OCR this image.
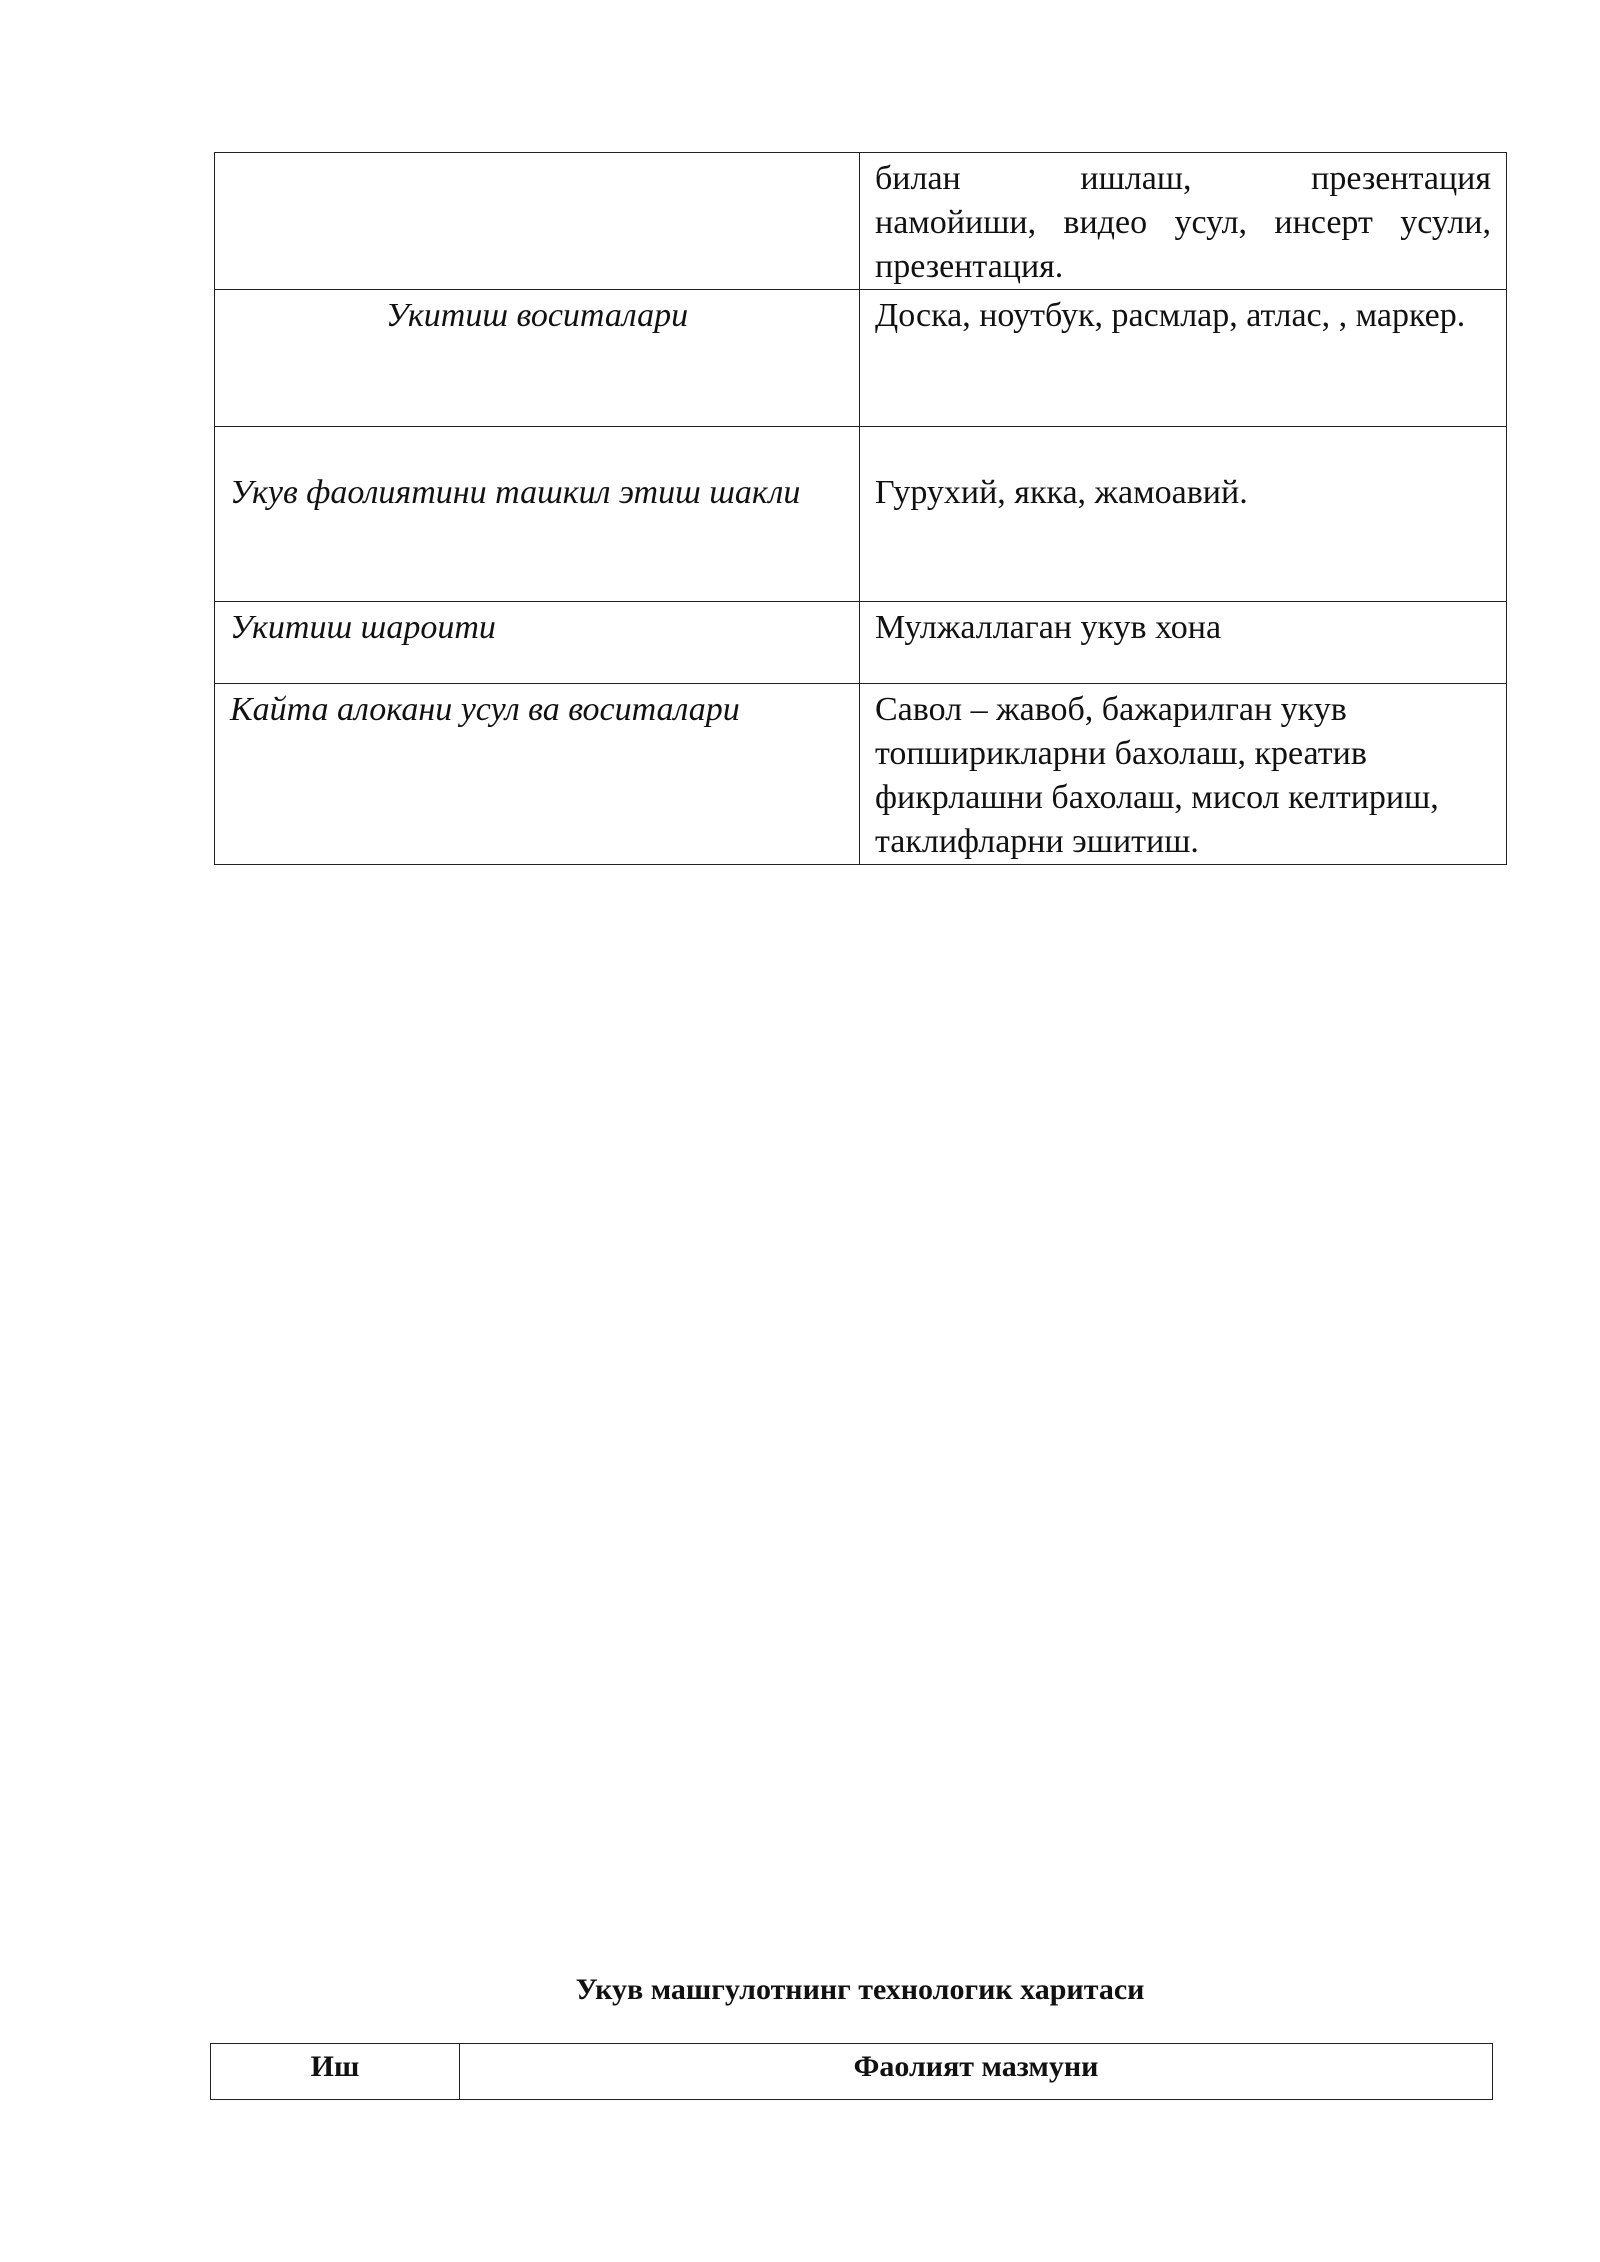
	билан ишлаш, презентация
намойиши, видео усул, инсерт усули, презентация.

Укитиш воситалари	Доска, ноутбук, расмлар, атлас, , маркер.

Укув фаолиятини ташкил этиш шакли	Гурухий, якка, жамоавий.
Укитиш шароити	Мулжаллаган укув хона
Кайта алокани усул ва воситалари	Савол – жавоб, бажарилган укув топширикларни бахолаш, креатив фикрлашни бахолаш, мисол келтириш, таклифларни эшитиш.
Укув машгулотнинг технологик харитаси
Иш	Фаолият мазмуни
